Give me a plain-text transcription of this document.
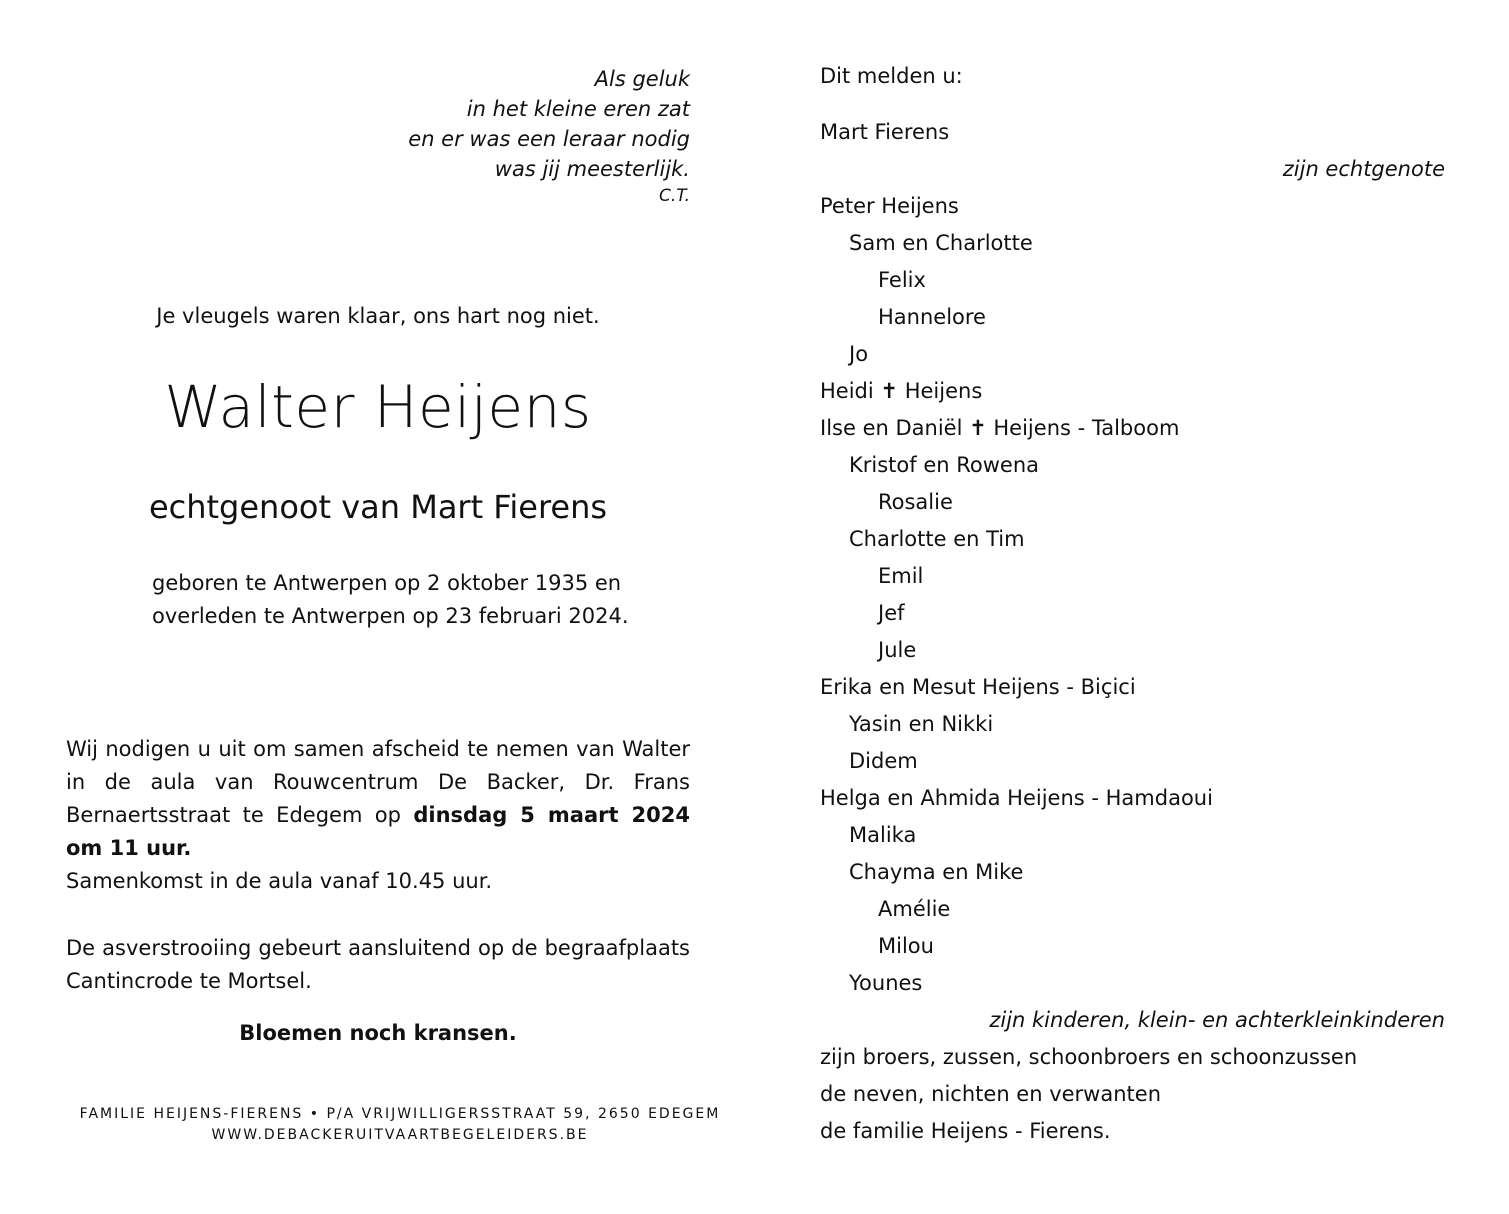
Als geluk
in het kleine eren zat
en er was een leraar nodig
was jij meesterlijk.
C.T.
Je vleugels waren klaar, ons hart nog niet.
Walter Heijens
echtgenoot van Mart Fierens
geboren te Antwerpen op 2 oktober 1935 en
overleden te Antwerpen op 23 februari 2024.
Wij nodigen u uit om samen afscheid te nemen van Walter in de aula van Rouwcentrum De Backer, Dr. Frans Bernaertsstraat te Edegem op dinsdag 5 maart 2024 om 11 uur.
Samenkomst in de aula vanaf 10.45 uur.
De asverstrooiing gebeurt aansluitend op de begraafplaats Cantincrode te Mortsel.
Bloemen noch kransen.
FAMILIE HEIJENS-FIERENS • P/A VRIJWILLIGERSSTRAAT 59, 2650 EDEGEM
WWW.DEBACKERUITVAARTBEGELEIDERS.BE
Dit melden u:
Mart Fierens
zijn echtgenote
Peter Heijens
Sam en Charlotte
Felix
Hannelore
Jo
Heidi ✝ Heijens
Ilse en Daniël ✝ Heijens - Talboom
Kristof en Rowena
Rosalie
Charlotte en Tim
Emil
Jef
Jule
Erika en Mesut Heijens - Biçici
Yasin en Nikki
Didem
Helga en Ahmida Heijens - Hamdaoui
Malika
Chayma en Mike
Amélie
Milou
Younes
zijn kinderen, klein- en achterkleinkinderen
zijn broers, zussen, schoonbroers en schoonzussen
de neven, nichten en verwanten
de familie Heijens - Fierens.
